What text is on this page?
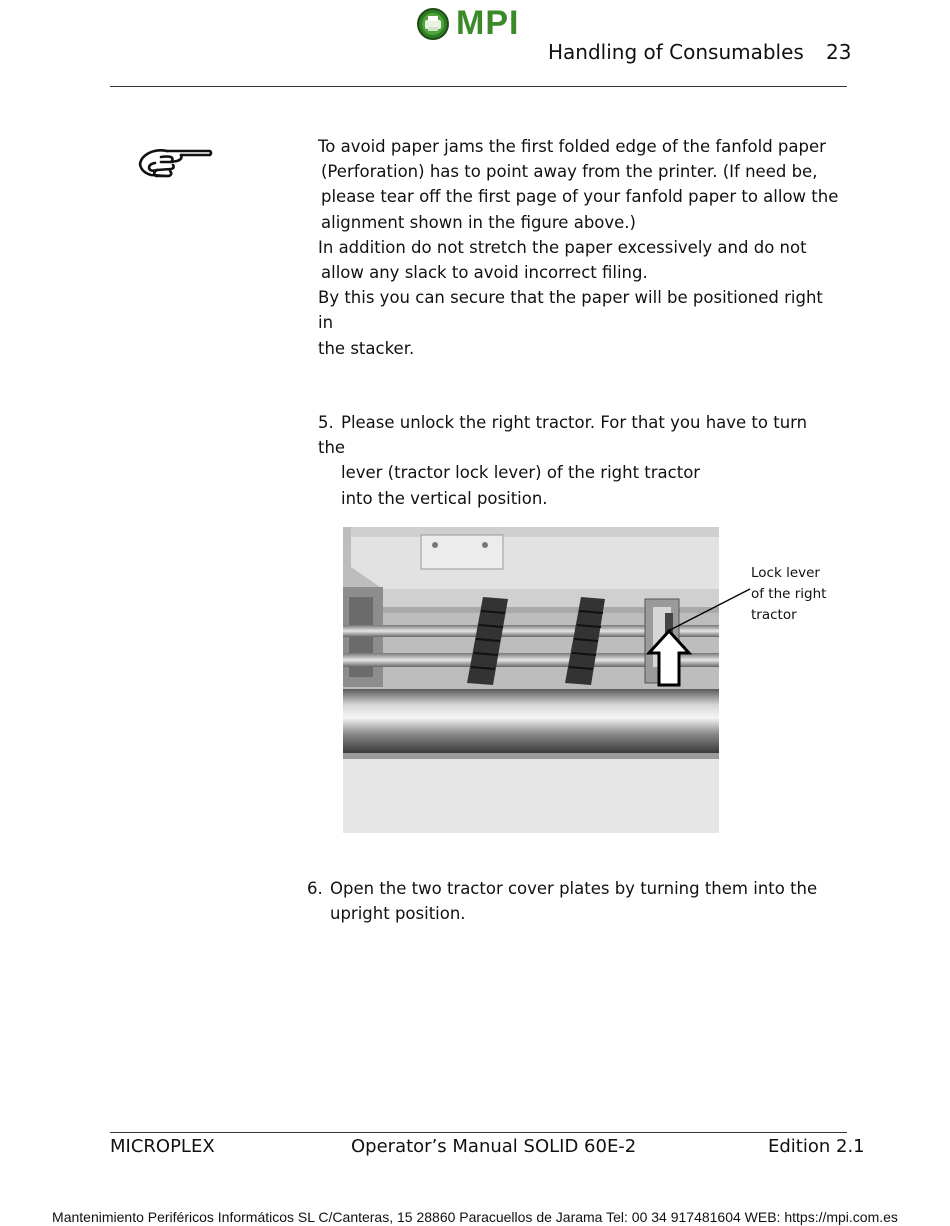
MPI
Handling of Consumables 23

To avoid paper jams the first folded edge of the fanfold paper

(Perforation) has to point away from the printer. (If need be,

please tear off the first page of your fanfold paper to allow the

alignment shown in the figure above.)

In addition do not stretch the paper excessively and do not

allow any slack to avoid incorrect filing.

By this you can secure that the paper will be positioned right in

the stacker.

5. Please unlock the right tractor. For that you have to turn the
lever (tractor lock lever) of the right tractor
into the vertical position.
Lock lever
of the right
tractor
6. Open the two tractor cover plates by turning them into the
upright position.
MICROPLEX	Operator’s Manual SOLID 60E-2	Edition 2.1
Mantenimiento Periféricos Informáticos SL C/Canteras, 15 28860 Paracuellos de Jarama Tel: 00 34 917481604 WEB: https://mpi.com.es
